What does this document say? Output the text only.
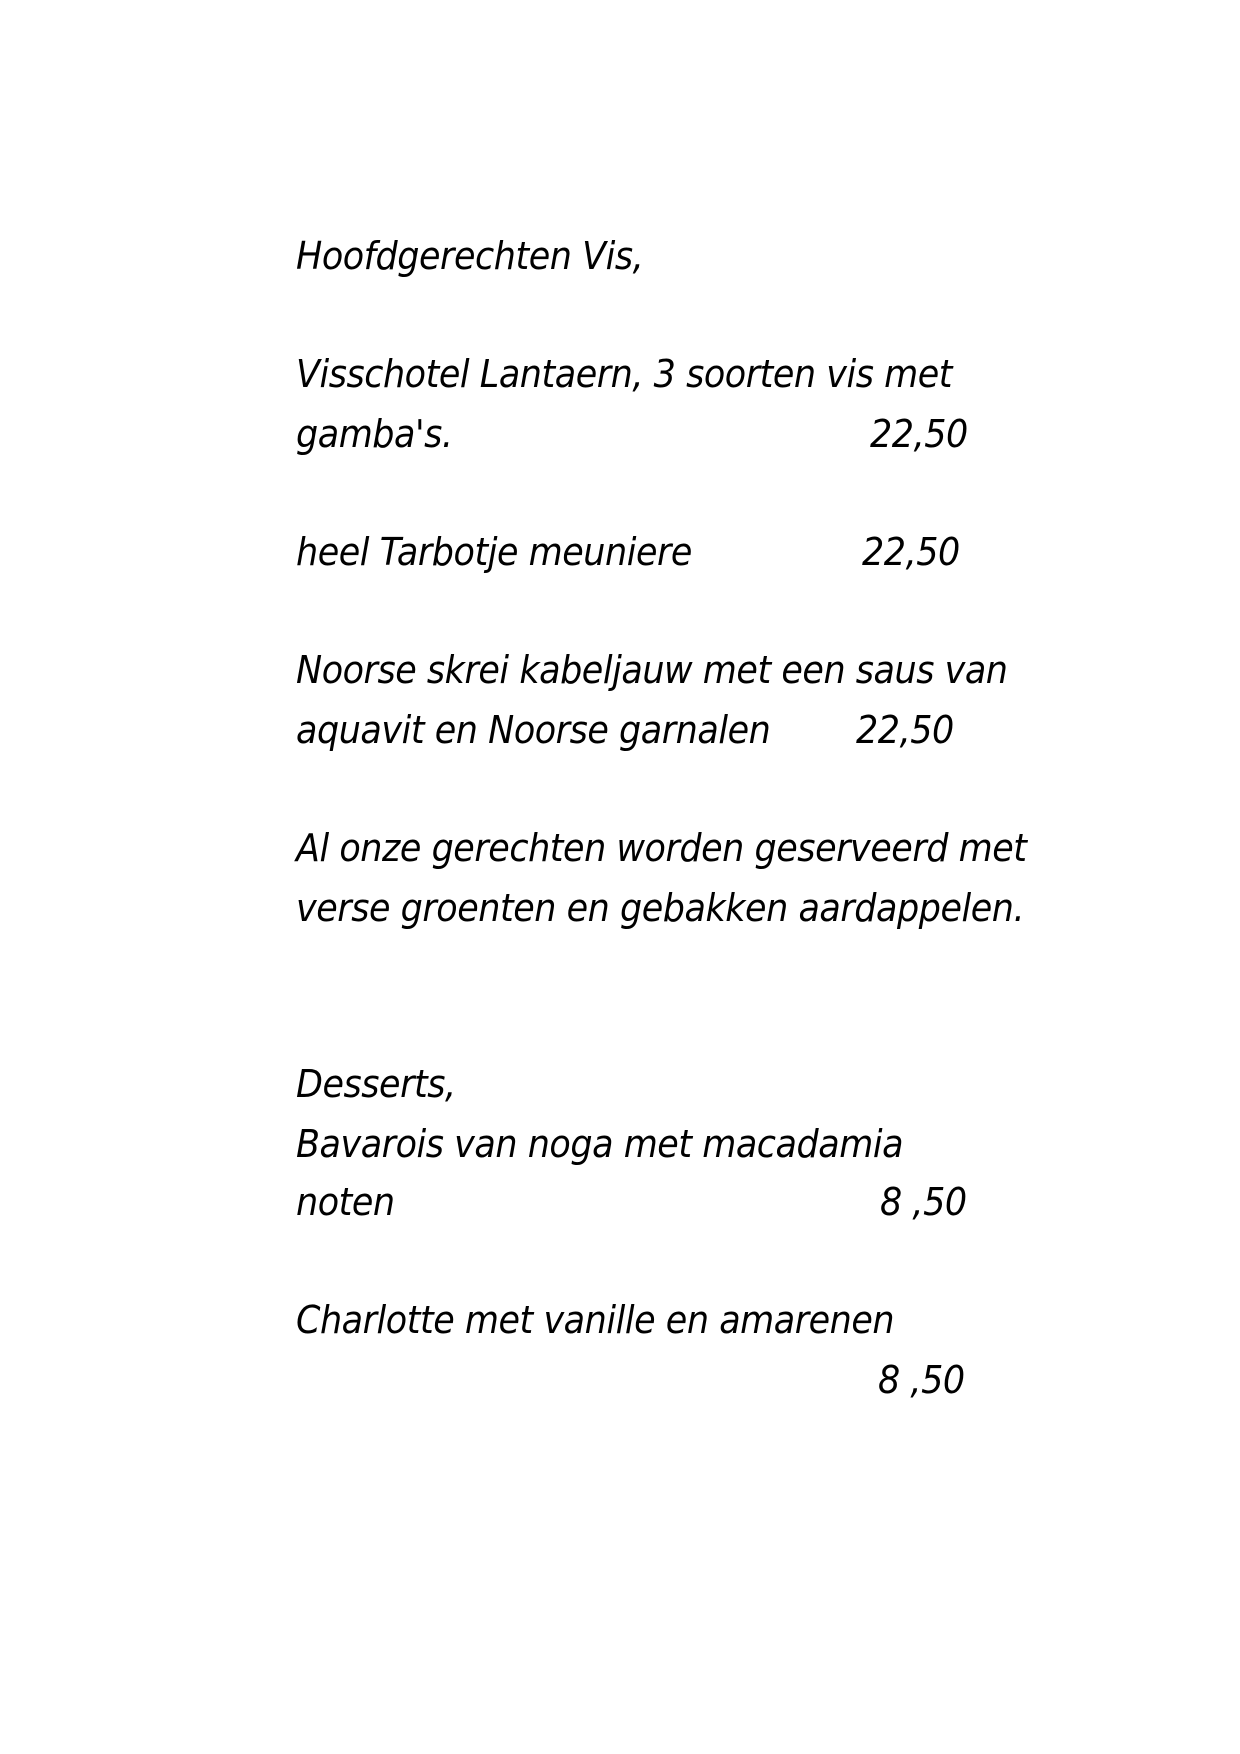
Hoofdgerechten Vis,
Visschotel Lantaern, 3 soorten vis met
gamba's.	22,50
heel Tarbotje meuniere	22,50
Noorse skrei kabeljauw met een saus van
aquavit en Noorse garnalen 22,50
Al onze gerechten worden geserveerd met
verse groenten en gebakken aardappelen.
Desserts,
Bavarois van noga met macadamia
noten	8 ,50
Charlotte met vanille en amarenen
8 ,50
